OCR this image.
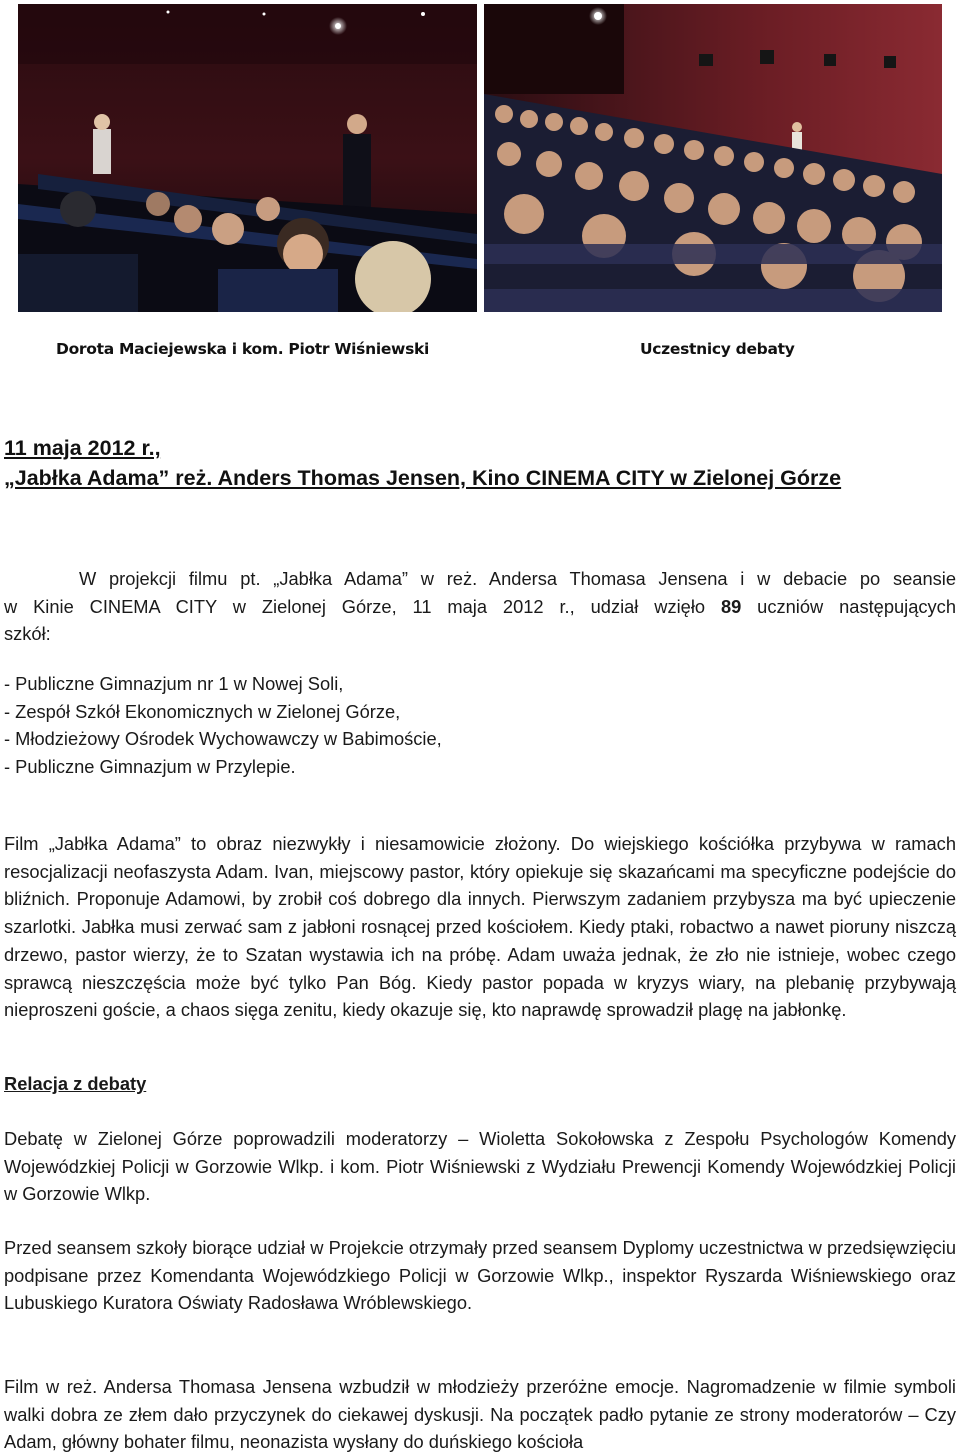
Dorota Maciejewska i kom. Piotr Wiśniewski	Uczestnicy debaty
11 maja 2012 r.,
„Jabłka Adama” reż. Anders Thomas Jensen, Kino CINEMA CITY w Zielonej Górze

W projekcji filmu pt. „Jabłka Adama” w reż. Andersa Thomasa Jensena i w debacie po seansie
w Kinie CINEMA CITY w Zielonej Górze, 11 maja 2012 r., udział wzięło 89 uczniów następujących
szkół:

- Publiczne Gimnazjum nr 1 w Nowej Soli,
- Zespół Szkół Ekonomicznych w Zielonej Górze,
- Młodzieżowy Ośrodek Wychowawczy w Babimoście,
- Publiczne Gimnazjum w Przylepie.

Film „Jabłka Adama” to obraz niezwykły i niesamowicie złożony. Do wiejskiego kościółka przybywa w ramach resocjalizacji neofaszysta Adam. Ivan, miejscowy pastor, który opiekuje się skazańcami ma specyficzne podejście do bliźnich. Proponuje Adamowi, by zrobił coś dobrego dla innych. Pierwszym zadaniem przybysza ma być upieczenie szarlotki. Jabłka musi zerwać sam z jabłoni rosnącej przed kościołem. Kiedy ptaki, robactwo a nawet pioruny niszczą drzewo, pastor wierzy, że to Szatan wystawia ich na próbę. Adam uważa jednak, że zło nie istnieje, wobec czego sprawcą nieszczęścia może być tylko Pan Bóg. Kiedy pastor popada w kryzys wiary, na plebanię przybywają nieproszeni goście, a chaos sięga zenitu, kiedy okazuje się, kto naprawdę sprowadził plagę na jabłonkę.

Relacja z debaty

Debatę w Zielonej Górze poprowadzili moderatorzy – Wioletta Sokołowska z Zespołu Psychologów Komendy Wojewódzkiej Policji w Gorzowie Wlkp. i kom. Piotr Wiśniewski z Wydziału Prewencji Komendy Wojewódzkiej Policji w Gorzowie Wlkp.

Przed seansem szkoły biorące udział w Projekcie otrzymały przed seansem Dyplomy uczestnictwa w przedsięwzięciu podpisane przez Komendanta Wojewódzkiego Policji w Gorzowie Wlkp., inspektor Ryszarda Wiśniewskiego oraz Lubuskiego Kuratora Oświaty Radosława Wróblewskiego.

Film w reż. Andersa Thomasa Jensena wzbudził w młodzieży przeróżne emocje. Nagromadzenie w filmie symboli walki dobra ze złem dało przyczynek do ciekawej dyskusji. Na początek padło pytanie ze strony moderatorów – Czy Adam, główny bohater filmu, neonazista wysłany do duńskiego kościoła
